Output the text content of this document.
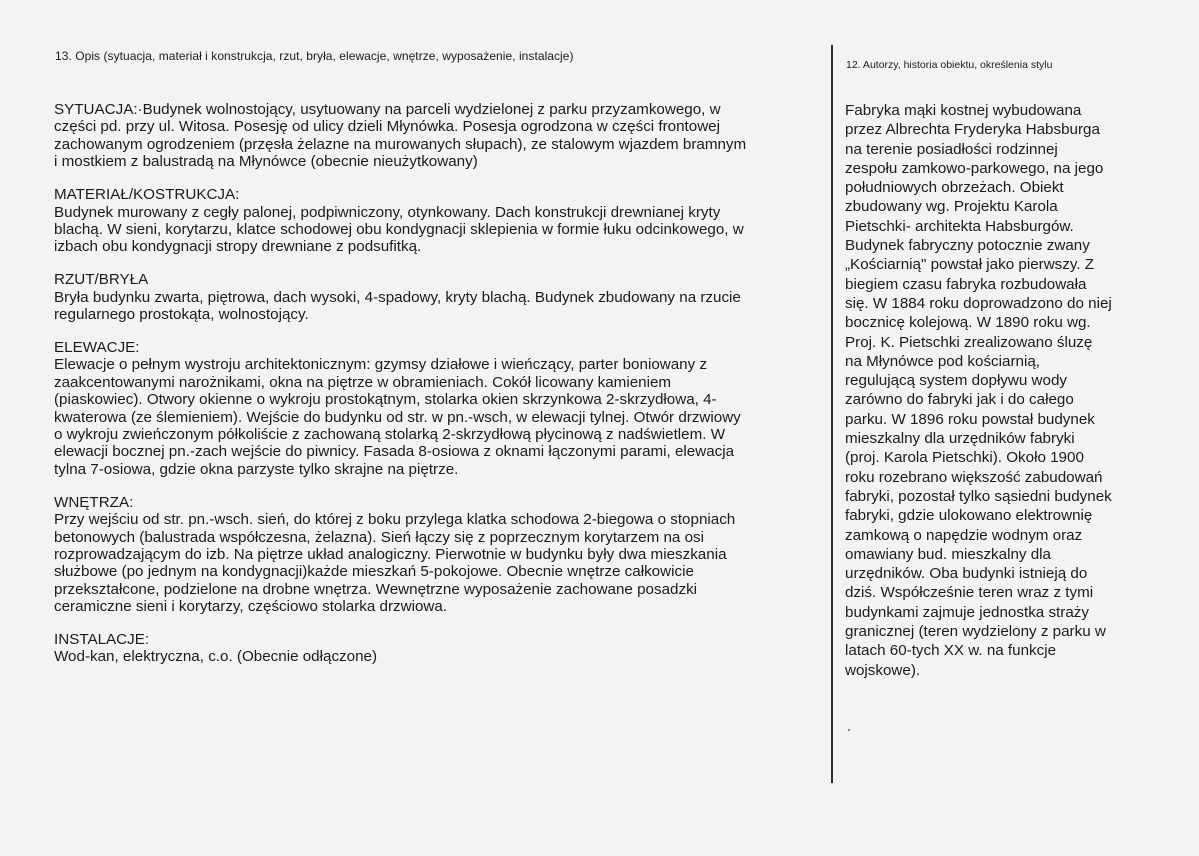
13. Opis (sytuacja, materiał i konstrukcja, rzut, bryła, elewacje, wnętrze, wyposażenie, instalacje)
12. Autorzy, historia obiektu, określenia stylu
SYTUACJA:·Budynek wolnostojący, usytuowany na parceli wydzielonej z parku przyzamkowego, w
części pd. przy ul. Witosa. Posesję od ulicy dzieli Młynówka. Posesja ogrodzona w części frontowej
zachowanym ogrodzeniem (przęsła żelazne na murowanych słupach), ze stalowym wjazdem bramnym
i mostkiem z balustradą na Młynówce (obecnie nieużytkowany)
MATERIAŁ/KOSTRUKCJA:
Budynek murowany z cegły palonej, podpiwniczony, otynkowany. Dach konstrukcji drewnianej kryty
blachą. W sieni, korytarzu, klatce schodowej obu kondygnacji sklepienia w formie łuku odcinkowego, w
izbach obu kondygnacji stropy drewniane z podsufitką.
RZUT/BRYŁA
Bryła budynku zwarta, piętrowa, dach wysoki, 4-spadowy, kryty blachą. Budynek zbudowany na rzucie
regularnego prostokąta, wolnostojący.
ELEWACJE:
Elewacje o pełnym wystroju architektonicznym: gzymsy działowe i wieńczący, parter boniowany z
zaakcentowanymi narożnikami, okna na piętrze w obramieniach. Cokół licowany kamieniem
(piaskowiec). Otwory okienne o wykroju prostokątnym, stolarka okien skrzynkowa 2-skrzydłowa, 4-
kwaterowa (ze ślemieniem). Wejście do budynku od str. w pn.-wsch, w elewacji tylnej. Otwór drzwiowy
o wykroju zwieńczonym półkoliście z zachowaną stolarką 2-skrzydłową płycinową z nadświetlem. W
elewacji bocznej pn.-zach wejście do piwnicy. Fasada 8-osiowa z oknami łączonymi parami, elewacja
tylna 7-osiowa, gdzie okna parzyste tylko skrajne na piętrze.
WNĘTRZA:
Przy wejściu od str. pn.-wsch. sień, do której z boku przylega klatka schodowa 2-biegowa o stopniach
betonowych (balustrada współczesna, żelazna). Sień łączy się z poprzecznym korytarzem na osi
rozprowadzającym do izb. Na piętrze układ analogiczny. Pierwotnie w budynku były dwa mieszkania
służbowe (po jednym na kondygnacji)każde mieszkań 5-pokojowe. Obecnie wnętrze całkowicie
przekształcone, podzielone na drobne wnętrza. Wewnętrzne wyposażenie zachowane posadzki
ceramiczne sieni i korytarzy, częściowo stolarka drzwiowa.
INSTALACJE:
Wod-kan, elektryczna, c.o. (Obecnie odłączone)
Fabryka mąki kostnej wybudowana
przez Albrechta Fryderyka Habsburga
na terenie posiadłości rodzinnej
zespołu zamkowo-parkowego, na jego
południowych obrzeżach. Obiekt
zbudowany wg. Projektu Karola
Pietschki- architekta Habsburgów.
Budynek fabryczny potocznie zwany
„Kościarnią" powstał jako pierwszy. Z
biegiem czasu fabryka rozbudowała
się. W 1884 roku doprowadzono do niej
bocznicę kolejową. W 1890 roku wg.
Proj. K. Pietschki zrealizowano śluzę
na Młynówce pod kościarnią,
regulującą system dopływu wody
zarówno do fabryki jak i do całego
parku. W 1896 roku powstał budynek
mieszkalny dla urzędników fabryki
(proj. Karola Pietschki). Około 1900
roku rozebrano większość zabudowań
fabryki, pozostał tylko sąsiedni budynek
fabryki, gdzie ulokowano elektrownię
zamkową o napędzie wodnym oraz
omawiany bud. mieszkalny dla
urzędników. Oba budynki istnieją do
dziś. Współcześnie teren wraz z tymi
budynkami zajmuje jednostka straży
granicznej (teren wydzielony z parku w
latach 60-tych XX w. na funkcje
wojskowe).
